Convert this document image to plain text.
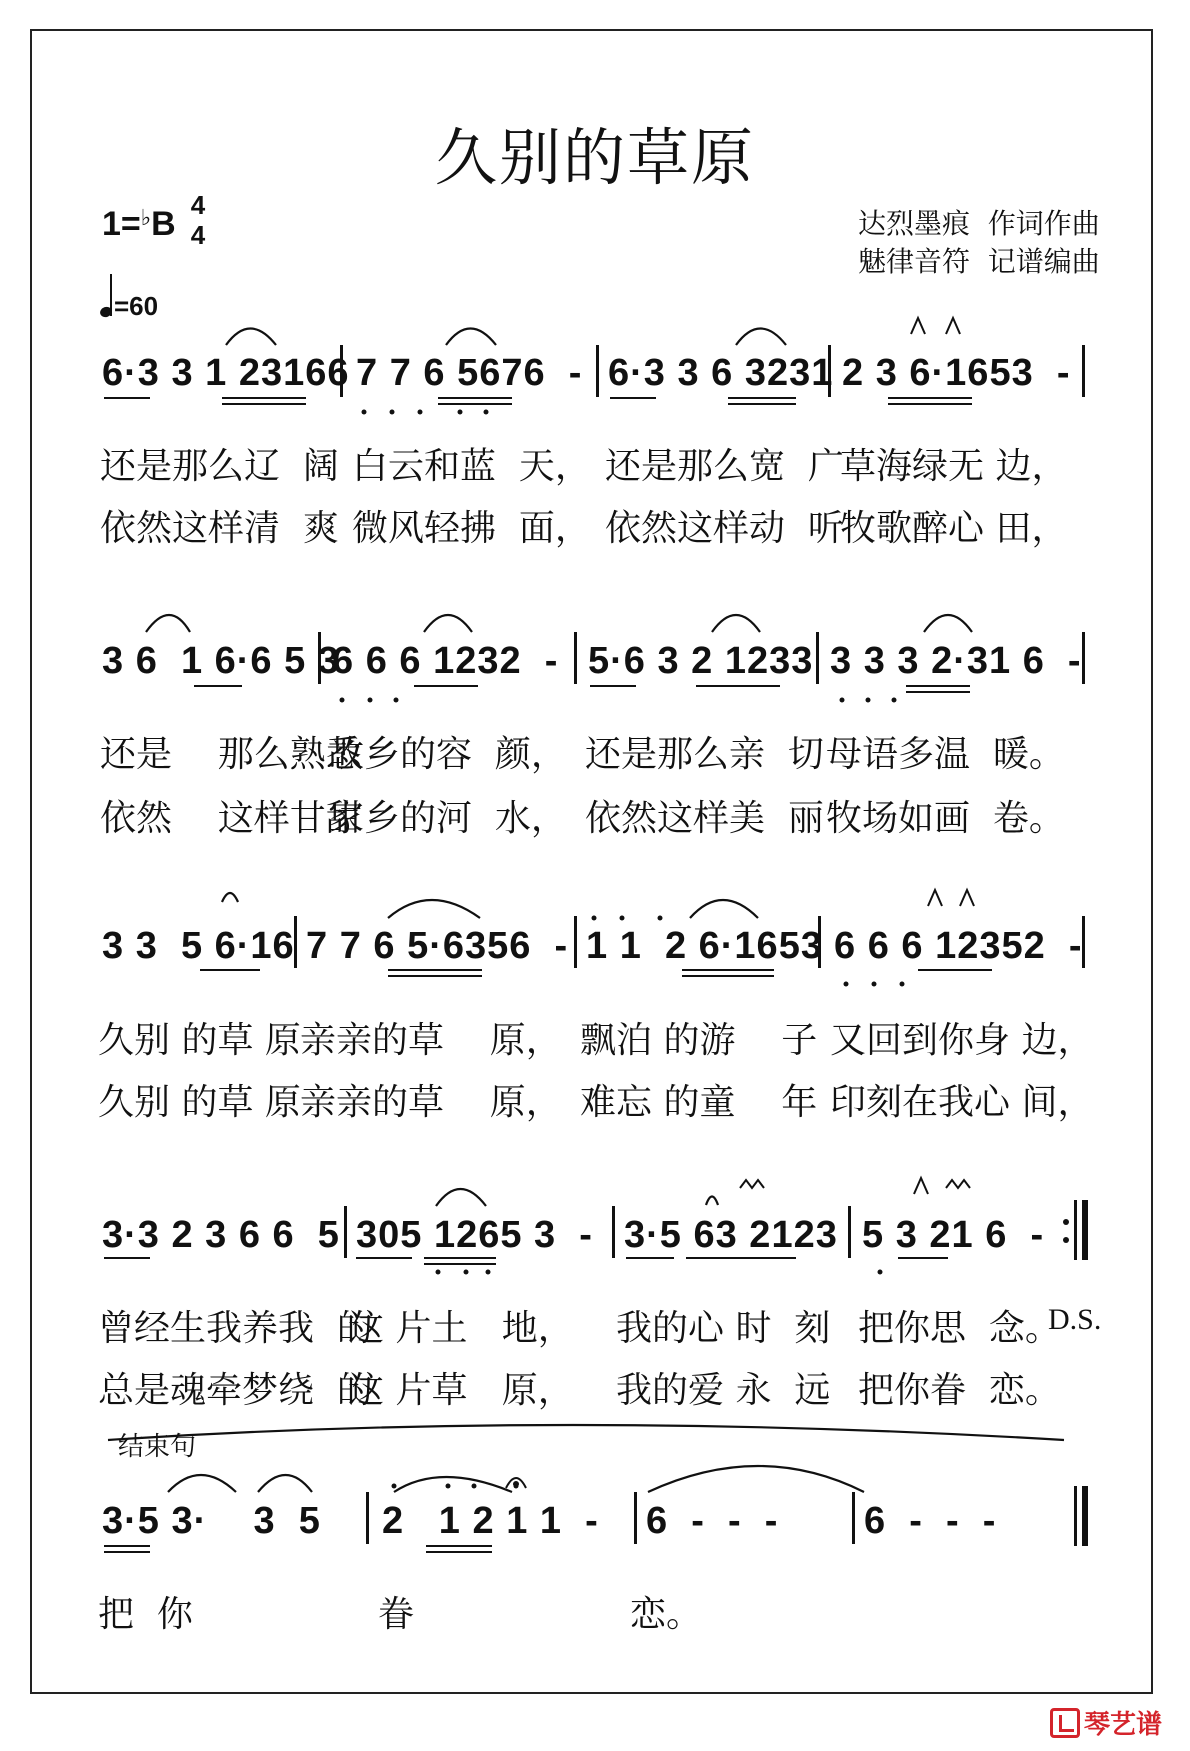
久别的草原
1=♭B 4
4
=60
达烈墨痕  作词作曲
魅律音符  记谱编曲
6·3 3 1 23166 7 7 6 5676  - 6·3 3 6 3231 2 3 6·1653  -
还是那么辽  阔 白云和蓝  天， 还是那么宽  广
草海绿无 边，
依然这样清  爽 微风轻拂  面， 依然这样动  听
牧歌醉心 田，
3 6  1 6·6 5 3
6 6 6 1232  - 5·6 3 2 1233 3 3 3 2·31 6  -
还是    那么熟悉
故乡的容  颜， 还是那么亲  切 母语多温  暖。
依然    这样甘甜
家乡的河  水， 依然这样美  丽 牧场如画  卷。
3 3  5 6·16 7 7 6 5·6356  - 1 1  2 6·1653 6 6 6 12352  -
久别 的草 原 亲亲的草    原， 飘泊 的游    子 又回到你身 边，
久别 的草 原 亲亲的草    原， 难忘 的童    年 印刻在我心 间，
3·3 2 3 6 6  5 305 1265 3  - 3·5 63 2123 5 3 21 6  -
曾经生我养我  的
这 片土   地， 我的心 时  刻 把你思  念。
总是魂牵梦绕  的
这 片草   原， 我的爱 永  远 把你眷  恋。
D.S.
结束句
3·5 3·    3  5 2   1 2 1 1  - 6  -  -  - 6  -  -  -
把  你	眷	恋。
琴艺谱
